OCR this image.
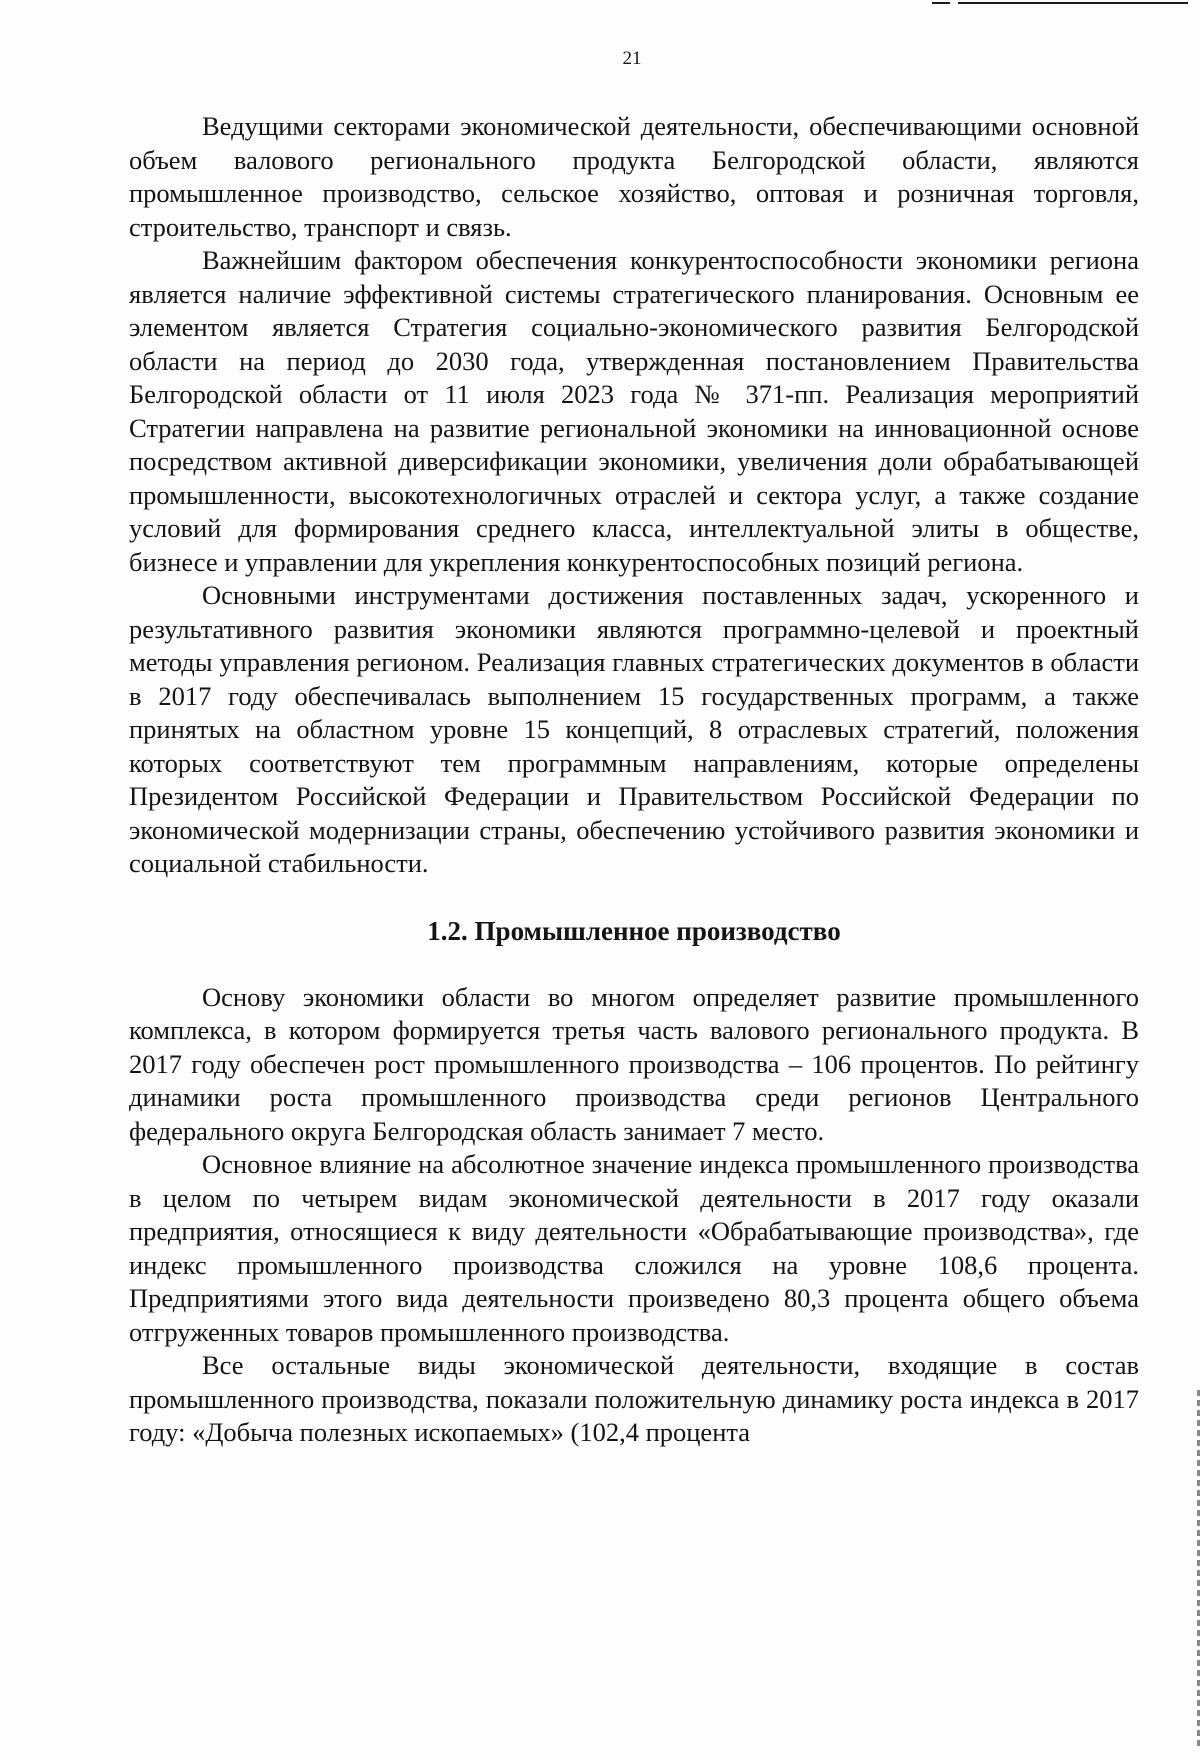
21

Ведущими секторами экономической деятельности, обеспечивающими основной объем валового регионального продукта Белгородской области, являются промышленное производство, сельское хозяйство, оптовая и розничная торговля, строительство, транспорт и связь.

Важнейшим фактором обеспечения конкурентоспособности экономики региона является наличие эффективной системы стратегического планирования. Основным ее элементом является Стратегия социально-экономического развития Белгородской области на период до 2030 года, утвержденная постановлением Правительства Белгородской области от 11 июля 2023 года № 371-пп. Реализация мероприятий Стратегии направлена на развитие региональной экономики на инновационной основе посредством активной диверсификации экономики, увеличения доли обрабатывающей промышленности, высокотехнологичных отраслей и сектора услуг, а также создание условий для формирования среднего класса, интеллектуальной элиты в обществе, бизнесе и управлении для укрепления конкурентоспособных позиций региона.

Основными инструментами достижения поставленных задач, ускоренного и результативного развития экономики являются программно-целевой и проектный методы управления регионом. Реализация главных стратегических документов в области в 2017 году обеспечивалась выполнением 15 государственных программ, а также принятых на областном уровне 15 концепций, 8 отраслевых стратегий, положения которых соответствуют тем программным направлениям, которые определены Президентом Российской Федерации и Правительством Российской Федерации по экономической модернизации страны, обеспечению устойчивого развития экономики и социальной стабильности.

1.2. Промышленное производство

Основу экономики области во многом определяет развитие промышленного комплекса, в котором формируется третья часть валового регионального продукта. В 2017 году обеспечен рост промышленного производства – 106 процентов. По рейтингу динамики роста промышленного производства среди регионов Центрального федерального округа Белгородская область занимает 7 место.

Основное влияние на абсолютное значение индекса промышленного производства в целом по четырем видам экономической деятельности в 2017 году оказали предприятия, относящиеся к виду деятельности «Обрабатывающие производства», где индекс промышленного производства сложился на уровне 108,6 процента. Предприятиями этого вида деятельности произведено 80,3 процента общего объема отгруженных товаров промышленного производства.

Все остальные виды экономической деятельности, входящие в состав промышленного производства, показали положительную динамику роста индекса в 2017 году: «Добыча полезных ископаемых» (102,4 процента
